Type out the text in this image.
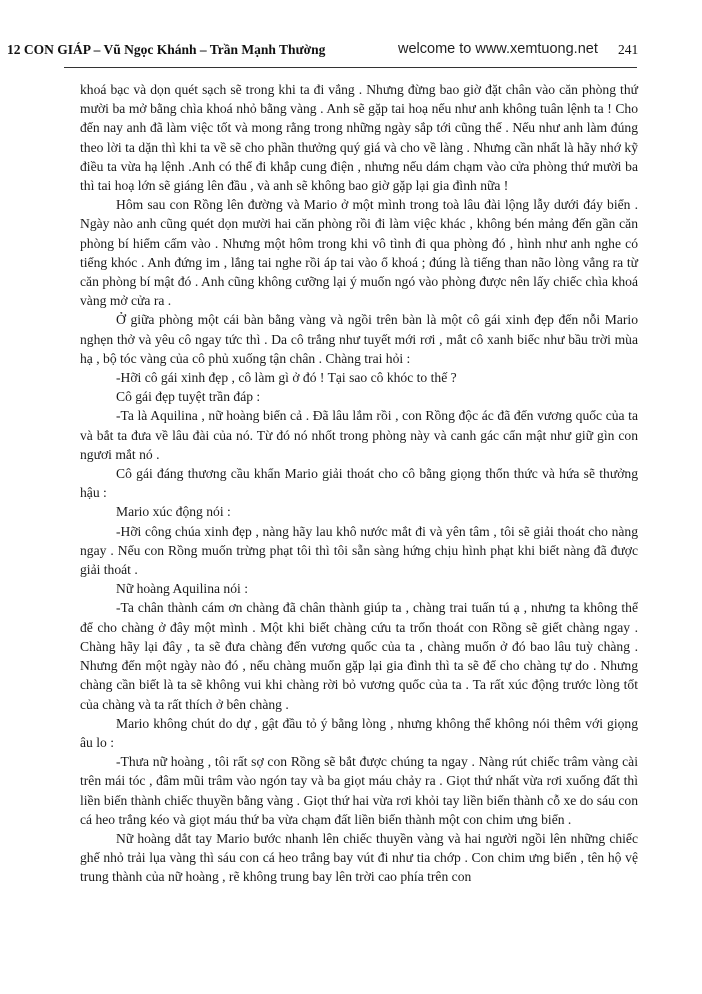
12 CON GIÁP – Vũ Ngọc Khánh – Trần Mạnh Thường	welcome to www.xemtuong.net 241

khoá bạc và dọn quét sạch sẽ trong khi ta đi vắng . Nhưng đừng bao giờ đặt chân vào căn phòng thứ mười ba mở bằng chìa khoá nhỏ bằng vàng . Anh sẽ gặp tai hoạ nếu như anh không tuân lệnh ta ! Cho đến nay anh đã làm việc tốt và mong rằng trong những ngày sắp tới cũng thế . Nếu như anh làm đúng theo lời ta dặn thì khi ta về sẽ cho phần thưởng quý giá và cho về làng . Nhưng cần nhất là hãy nhớ kỹ điều ta vừa hạ lệnh .Anh có thể đi khắp cung điện , nhưng nếu dám chạm vào cửa phòng thứ mười ba thì tai hoạ lớn sẽ giáng lên đầu , và anh sẽ không bao giờ gặp lại gia đình nữa !

Hôm sau con Rồng lên đường và Mario ở một mình trong toà lâu đài lộng lẫy dưới đáy biển . Ngày nào anh cũng quét dọn mười hai căn phòng rồi đi làm việc khác , không bén mảng đến gần căn phòng bí hiểm cấm vào . Nhưng một hôm trong khi vô tình đi qua phòng đó , hình như anh nghe có tiếng khóc . Anh đứng im , lắng tai nghe rồi áp tai vào ổ khoá ; đúng là tiếng than não lòng vẳng ra từ căn phòng bí mật đó . Anh cũng không cưỡng lại ý muốn ngó vào phòng được nên lấy chiếc chìa khoá vàng mở cửa ra .

Ở giữa phòng một cái bàn bằng vàng và ngồi trên bàn là một cô gái xinh đẹp đến nỗi Mario nghẹn thở và yêu cô ngay tức thì . Da cô trắng như tuyết mới rơi , mắt cô xanh biếc như bầu trời mùa hạ , bộ tóc vàng của cô phủ xuống tận chân . Chàng trai hỏi :

-Hỡi cô gái xinh đẹp , cô làm gì ở đó ! Tại sao cô khóc to thế ?

Cô gái đẹp tuyệt trần đáp :

-Ta là Aquilina , nữ hoàng biển cả . Đã lâu lắm rồi , con Rồng độc ác đã đến vương quốc của ta và bắt ta đưa về lâu đài của nó. Từ đó nó nhốt trong phòng này và canh gác cẩn mật như giữ gìn con ngươi mắt nó .

Cô gái đáng thương cầu khẩn Mario giải thoát cho cô bằng giọng thổn thức và hứa sẽ thưởng hậu :

Mario xúc động nói :

-Hỡi công chúa xinh đẹp , nàng hãy lau khô nước mắt đi và yên tâm , tôi sẽ giải thoát cho nàng ngay . Nếu con Rồng muốn trừng phạt tôi thì tôi sẵn sàng hứng chịu hình phạt khi biết nàng đã được giải thoát .

Nữ hoàng Aquilina nói :

-Ta chân thành cám ơn chàng đã chân thành giúp ta , chàng trai tuấn tú ạ , nhưng ta không thể để cho chàng ở đây một mình . Một khi biết chàng cứu ta trốn thoát con Rồng sẽ giết chàng ngay . Chàng hãy lại đây , ta sẽ đưa chàng đến vương quốc của ta , chàng muốn ở đó bao lâu tuỳ chàng . Nhưng đến một ngày nào đó , nếu chàng muốn gặp lại gia đình thì ta sẽ để cho chàng tự do . Nhưng chàng cần biết là ta sẽ không vui khi chàng rời bỏ vương quốc của ta . Ta rất xúc động trước lòng tốt của chàng và ta rất thích ở bên chàng .

Mario không chút do dự , gật đầu tỏ ý bằng lòng , nhưng không thể không nói thêm với giọng âu lo :

-Thưa nữ hoàng , tôi rất sợ con Rồng sẽ bắt được chúng ta ngay . Nàng rút chiếc trâm vàng cài trên mái tóc , đâm mũi trâm vào ngón tay và ba giọt máu chảy ra . Giọt thứ nhất vừa rơi xuống đất thì liền biến thành chiếc thuyền bằng vàng . Giọt thứ hai vừa rơi khỏi tay liền biến thành cỗ xe do sáu con cá heo trắng kéo và giọt máu thứ ba vừa chạm đất liền biến thành một con chim ưng biển .

Nữ hoàng dắt tay Mario bước nhanh lên chiếc thuyền vàng và hai người ngồi lên những chiếc ghế nhỏ trải lụa vàng thì sáu con cá heo trắng bay vút đi như tia chớp . Con chim ưng biển , tên hộ vệ trung thành của nữ hoàng , rẽ không trung bay lên trời cao phía trên con
